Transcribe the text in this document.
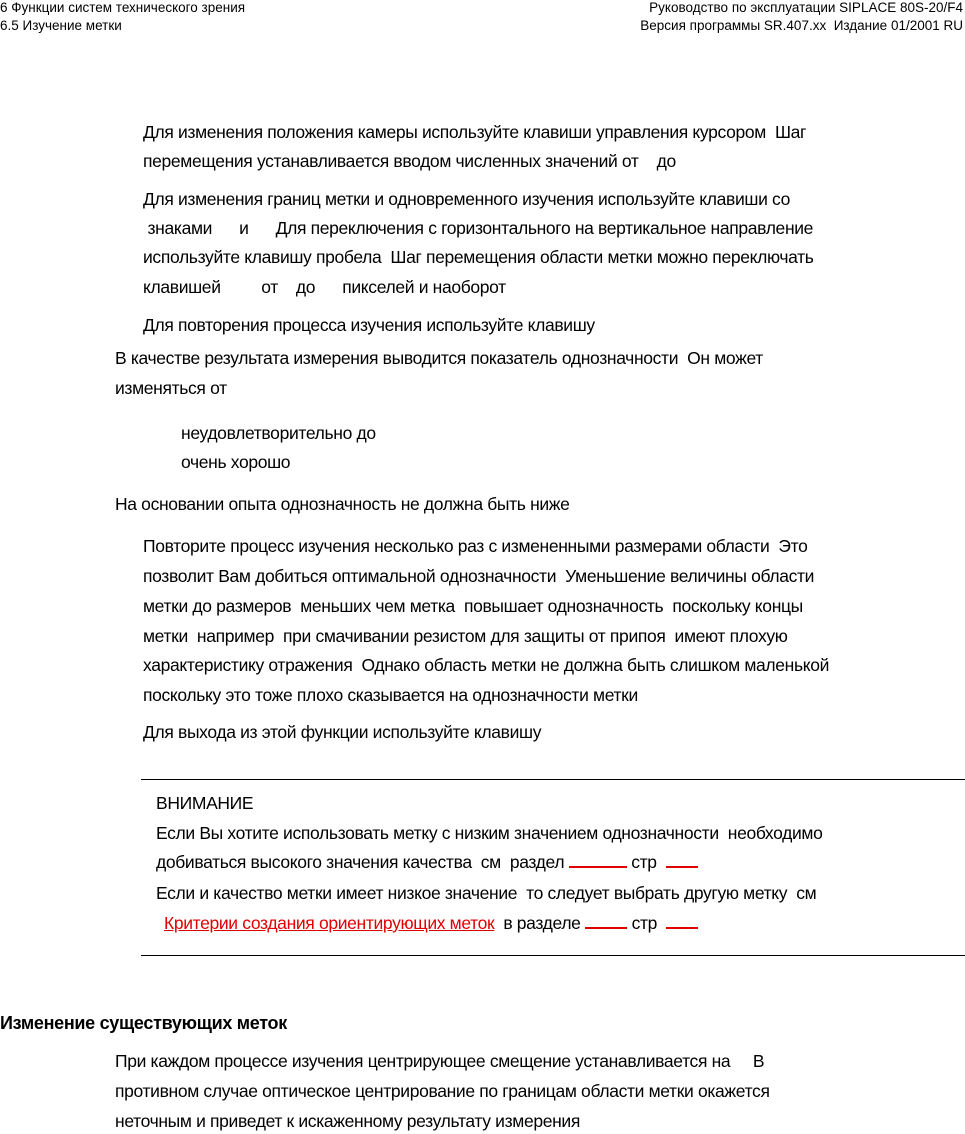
6 Функции систем технического зрения
6.5 Изучение метки
Руководство по эксплуатации SIPLACE 80S-20/F4
Версия программы SR.407.xx  Издание 01/2001 RU
Для изменения положения камеры используйте клавиши управления курсором  Шаг
перемещения устанавливается вводом численных значений от    до
Для изменения границ метки и одновременного изучения используйте клавиши со
знаками      и      Для переключения с горизонтального на вертикальное направление
используйте клавишу пробела  Шаг перемещения области метки можно переключать
клавишей         от    до      пикселей и наоборот
Для повторения процесса изучения используйте клавишу
В качестве результата измерения выводится показатель однозначности  Он может
изменяться от
неудовлетворительно до
очень хорошо
На основании опыта однозначность не должна быть ниже
Повторите процесс изучения несколько раз с измененными размерами области  Это
позволит Вам добиться оптимальной однозначности  Уменьшение величины области
метки до размеров  меньших чем метка  повышает однозначность  поскольку концы
метки  например  при смачивании резистом для защиты от припоя  имеют плохую
характеристику отражения  Однако область метки не должна быть слишком маленькой
поскольку это тоже плохо сказывается на однозначности метки
Для выхода из этой функции используйте клавишу
ВНИМАНИЕ
Если Вы хотите использовать метку с низким значением однозначности  необходимо
добиваться высокого значения качества  см  раздел	стр
Если и качество метки имеет низкое значение  то следует выбрать другую метку  см
Критерии создания ориентирующих меток  в разделе  стр
Изменение существующих меток
При каждом процессе изучения центрирующее смещение устанавливается на     В
противном случае оптическое центрирование по границам области метки окажется
неточным и приведет к искаженному результату измерения
